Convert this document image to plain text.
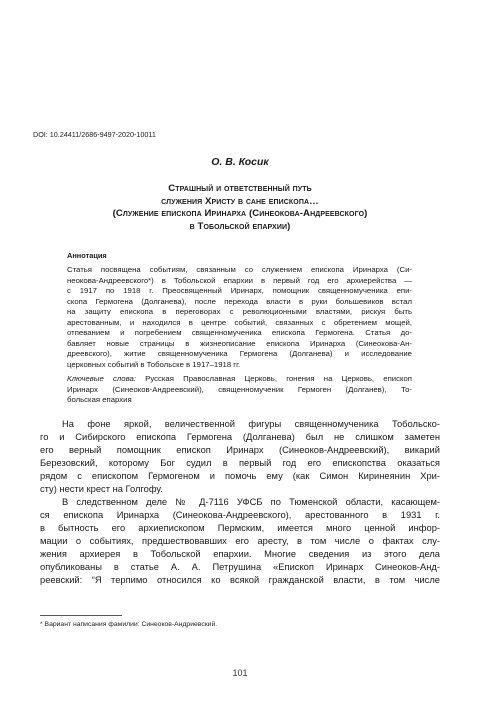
DOI: 10.24411/2686-9497-2020-10011
О. В. Косик
Страшный и ответственный путь
служения Христу в сане епископа…
(Служение епископа Иринарха (Синеокова-Андреевского)
в Тобольской епархии)
Аннотация
Статья посвящена событиям, связанным со служением епископа Иринарха (Си-
неокова-Андреевского*) в Тобольской епархии в первый год его архиерейства —
с 1917 по 1918 г. Преосвященный Иринарх, помощник священномученика епи-
скопа Гермогена (Долганева), после перехода власти в руки большевиков встал
на защиту епископа в переговорах с революционными властями, рискуя быть
арестованным, и находился в центре событий, связанных с обретением мощей,
отпеванием и погребением священномученика епископа Гермогена. Статья до-
бавляет новые страницы в жизнеописание епископа Иринарха (Синеокова-Ан-
дреевского), житие священномученика Гермогена (Долганева) и исследование
церковных событий в Тобольске в 1917–1918 гг.
Ключевые слова: Русская Православная Церковь, гонения на Церковь, епископ
Иринарх (Синеоков-Андреевский), священномученик Гермоген (Долганев), То-
больская епархия
На фоне яркой, величественной фигуры священномученика Тобольско-
го и Сибирского епископа Гермогена (Долганева) был не слишком заметен
его верный помощник епископ Иринарх (Синеоков-Андреевский), викарий
Березовский, которому Бог судил в первый год его епископства оказаться
рядом с епископом Гермогеном и помочь ему (как Симон Киринеянин Хри-
сту) нести крест на Голгофу.
В следственном деле № Д-7116 УФСБ по Тюменской области, касающем-
ся епископа Иринарха (Синеокова-Андреевского), арестованного в 1931 г.
в бытность его архиепископом Пермским, имеется много ценной инфор-
мации о событиях, предшествовавших его аресту, в том числе о фактах слу-
жения архиерея в Тобольской епархии. Многие сведения из этого дела
опубликованы в статье А. А. Петрушина «Епископ Иринарх Синеоков-Анд-
реевский: “Я терпимо относился ко всякой гражданской власти, в том числе
* Вариант написания фамилии: Синеоков-Андриевский.
101
